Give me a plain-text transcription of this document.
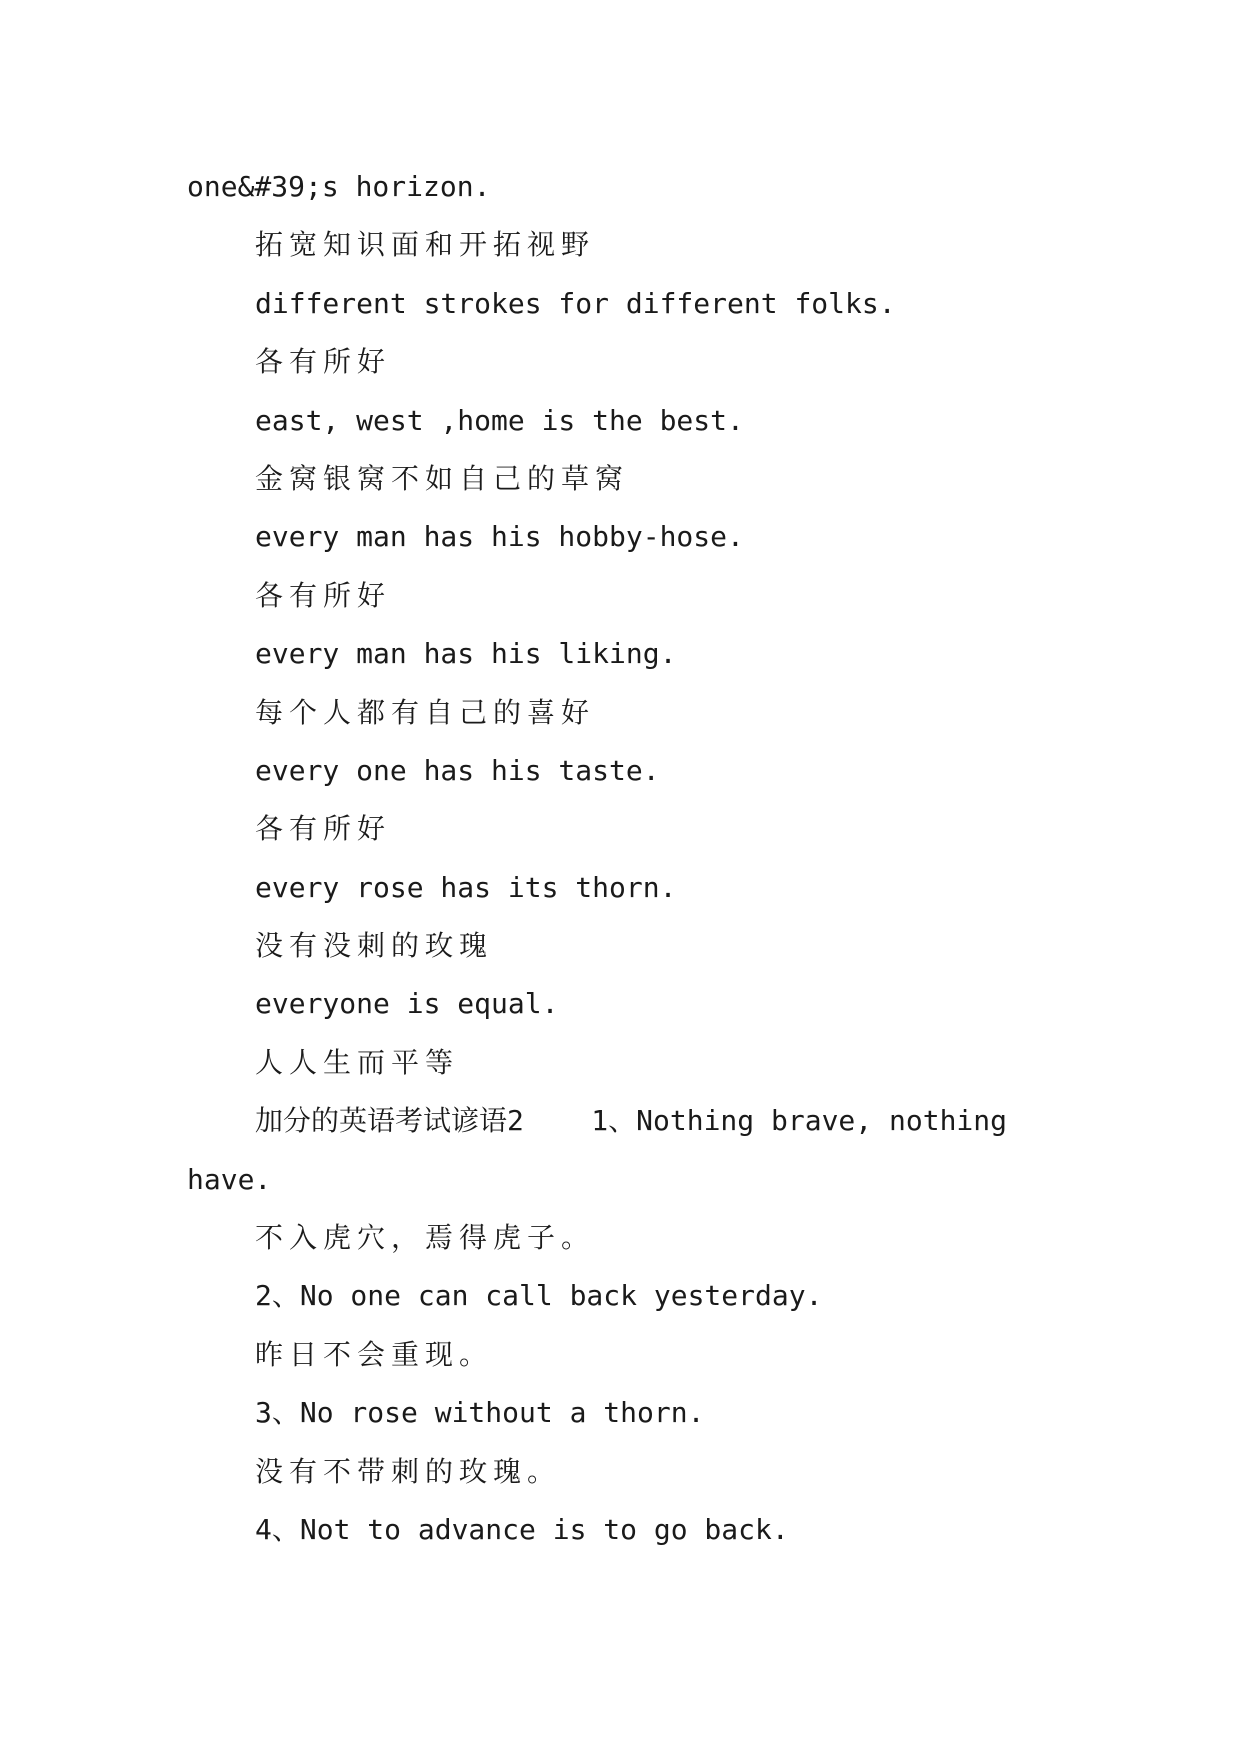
one&#39;s horizon.
拓宽知识面和开拓视野
different strokes for different folks.
各有所好
east, west ,home is the best.
金窝银窝不如自己的草窝
every man has his hobby-hose.
各有所好
every man has his liking.
每个人都有自己的喜好
every one has his taste.
各有所好
every rose has its thorn.
没有没刺的玫瑰
everyone is equal.
人人生而平等
加分的英语考试谚语2    1、Nothing brave, nothing
have.
不入虎穴，焉得虎子。
2、No one can call back yesterday.
昨日不会重现。
3、No rose without a thorn.
没有不带刺的玫瑰。
4、Not to advance is to go back.
